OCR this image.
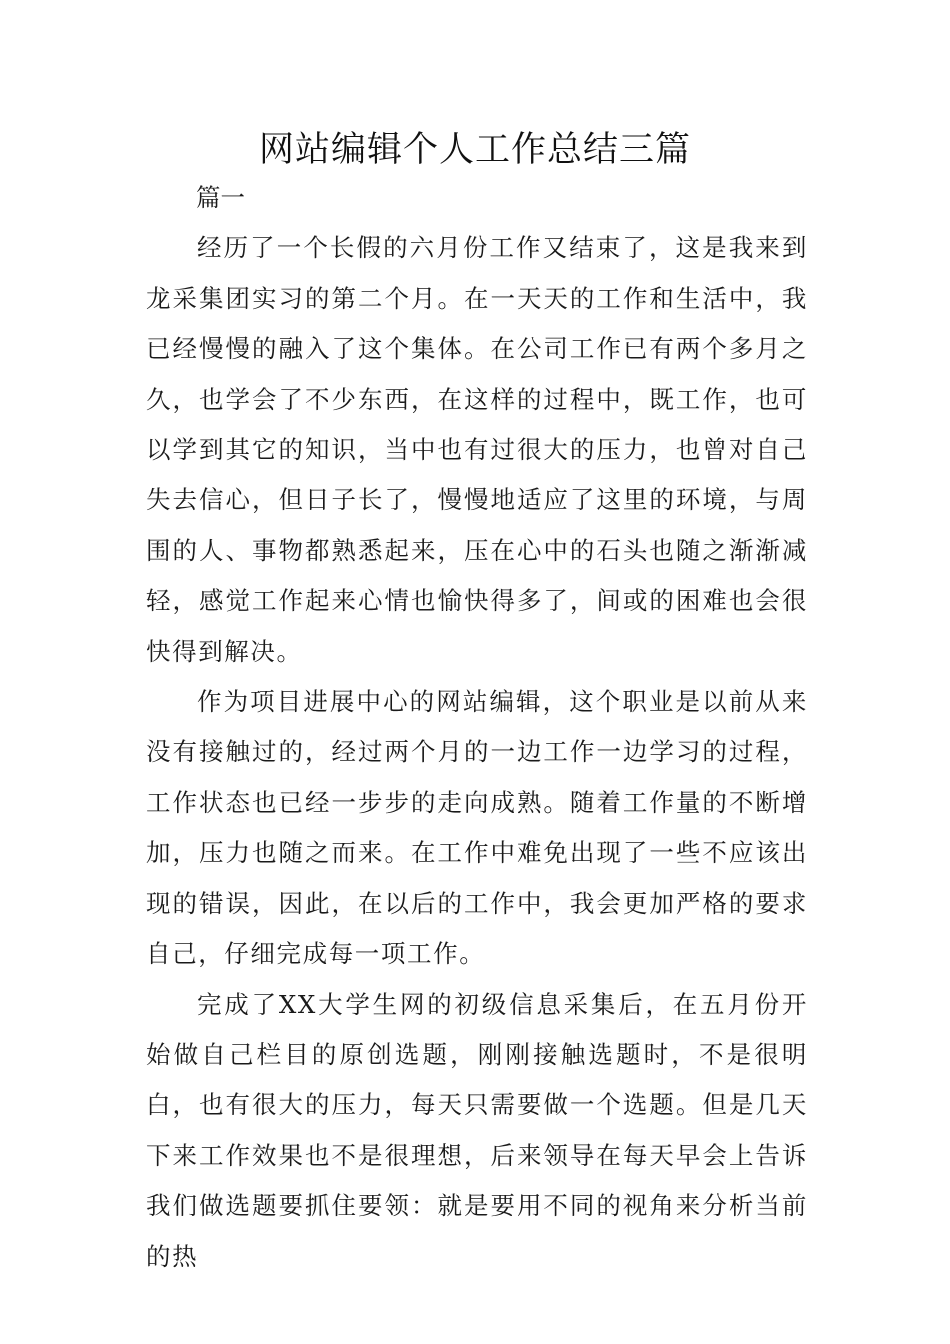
网站编辑个人工作总结三篇

篇一

经历了一个长假的六月份工作又结束了，这是我来到龙采集团实习的第二个月。在一天天的工作和生活中，我已经慢慢的融入了这个集体。在公司工作已有两个多月之久，也学会了不少东西，在这样的过程中，既工作，也可以学到其它的知识，当中也有过很大的压力，也曾对自己失去信心，但日子长了，慢慢地适应了这里的环境，与周围的人、事物都熟悉起来，压在心中的石头也随之渐渐减轻，感觉工作起来心情也愉快得多了，间或的困难也会很快得到解决。

作为项目进展中心的网站编辑，这个职业是以前从来没有接触过的，经过两个月的一边工作一边学习的过程，工作状态也已经一步步的走向成熟。随着工作量的不断增加，压力也随之而来。在工作中难免出现了一些不应该出现的错误，因此，在以后的工作中，我会更加严格的要求自己，仔细完成每一项工作。

完成了XX大学生网的初级信息采集后，在五月份开始做自己栏目的原创选题，刚刚接触选题时，不是很明白，也有很大的压力，每天只需要做一个选题。但是几天下来工作效果也不是很理想，后来领导在每天早会上告诉我们做选题要抓住要领：就是要用不同的视角来分析当前的热
